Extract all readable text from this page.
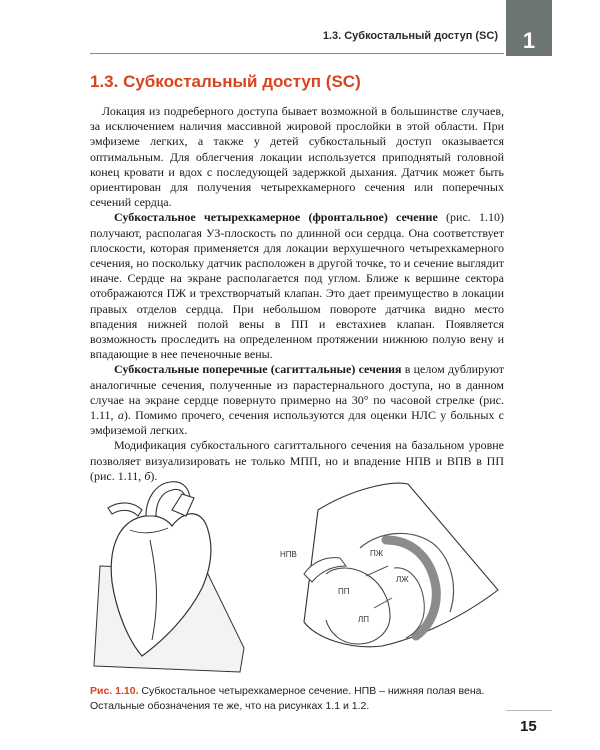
1.3. Субкостальный доступ (SC)	1
1.3. Субкостальный доступ (SC)

Локация из подреберного доступа бывает возможной в большинстве случаев, за исключением наличия массивной жировой прослойки в этой области. При эмфиземе легких, а также у детей субкостальный доступ оказывается оптимальным. Для облегчения локации используется приподнятый головной конец кровати и вдох с последующей задержкой дыхания. Датчик может быть ориентирован для получения четырехкамерного сечения или поперечных сечений сердца.

Субкостальное четырехкамерное (фронтальное) сечение (рис. 1.10) получают, располагая УЗ-плоскость по длинной оси сердца. Она соответствует плоскости, которая применяется для локации верхушечного четырехкамерного сечения, но поскольку датчик расположен в другой точке, то и сечение выглядит иначе. Сердце на экране располагается под углом. Ближе к вершине сектора отображаются ПЖ и трехстворчатый клапан. Это дает преимущество в локации правых отделов сердца. При небольшом повороте датчика видно место впадения нижней полой вены в ПП и евстахиев клапан. Появляется возможность проследить на определенном протяжении нижнюю полую вену и впадающие в нее печеночные вены.

Субкостальные поперечные (сагиттальные) сечения в целом дублируют аналогичные сечения, полученные из парастернального доступа, но в данном случае на экране сердце повернуто примерно на 30° по часовой стрелке (рис. 1.11, а). Помимо прочего, сечения используются для оценки НЛС у больных с эмфиземой легких.

Модификация субкостального сагиттального сечения на базальном уровне позволяет визуализировать не только МПП, но и впадение НПВ и ВПВ в ПП (рис. 1.11, б).

НПВ	ПЖ
ЛЖ
ПП
ЛП

Рис. 1.10. Субкостальное четырехкамерное сечение. НПВ – нижняя полая вена. Остальные обозначения те же, что на рисунках 1.1 и 1.2.

15
